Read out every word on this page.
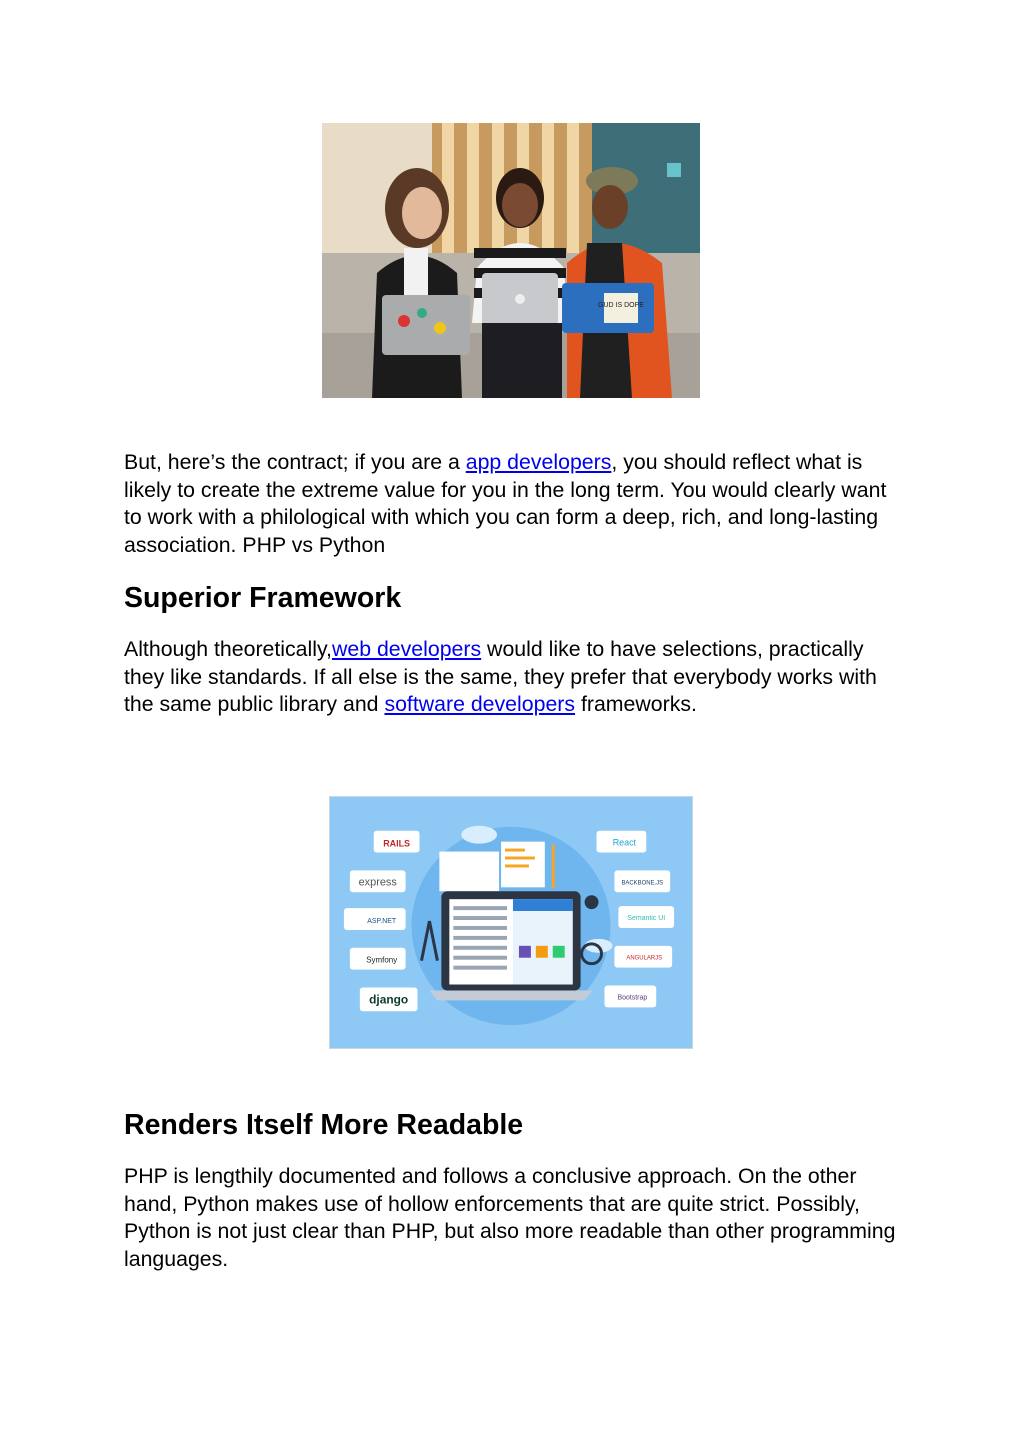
GUD IS DOPE

But, here’s the contract; if you are a app developers, you should reflect what is likely to create the extreme value for you in the long term. You would clearly want to work with a philological with which you can form a deep, rich, and long-lasting association. PHP vs Python

Superior Framework

Although theoretically,web developers would like to have selections, practically they like standards. If all else is the same, they prefer that everybody works with the same public library and software developers frameworks.

RAILS
express
ASP.NET
Symfony
django
React
BACKBONE.JS
Semantic UI
ANGULARJS
Bootstrap
Renders Itself More Readable

PHP is lengthily documented and follows a conclusive approach. On the other hand, Python makes use of hollow enforcements that are quite strict. Possibly, Python is not just clear than PHP, but also more readable than other programming languages.
